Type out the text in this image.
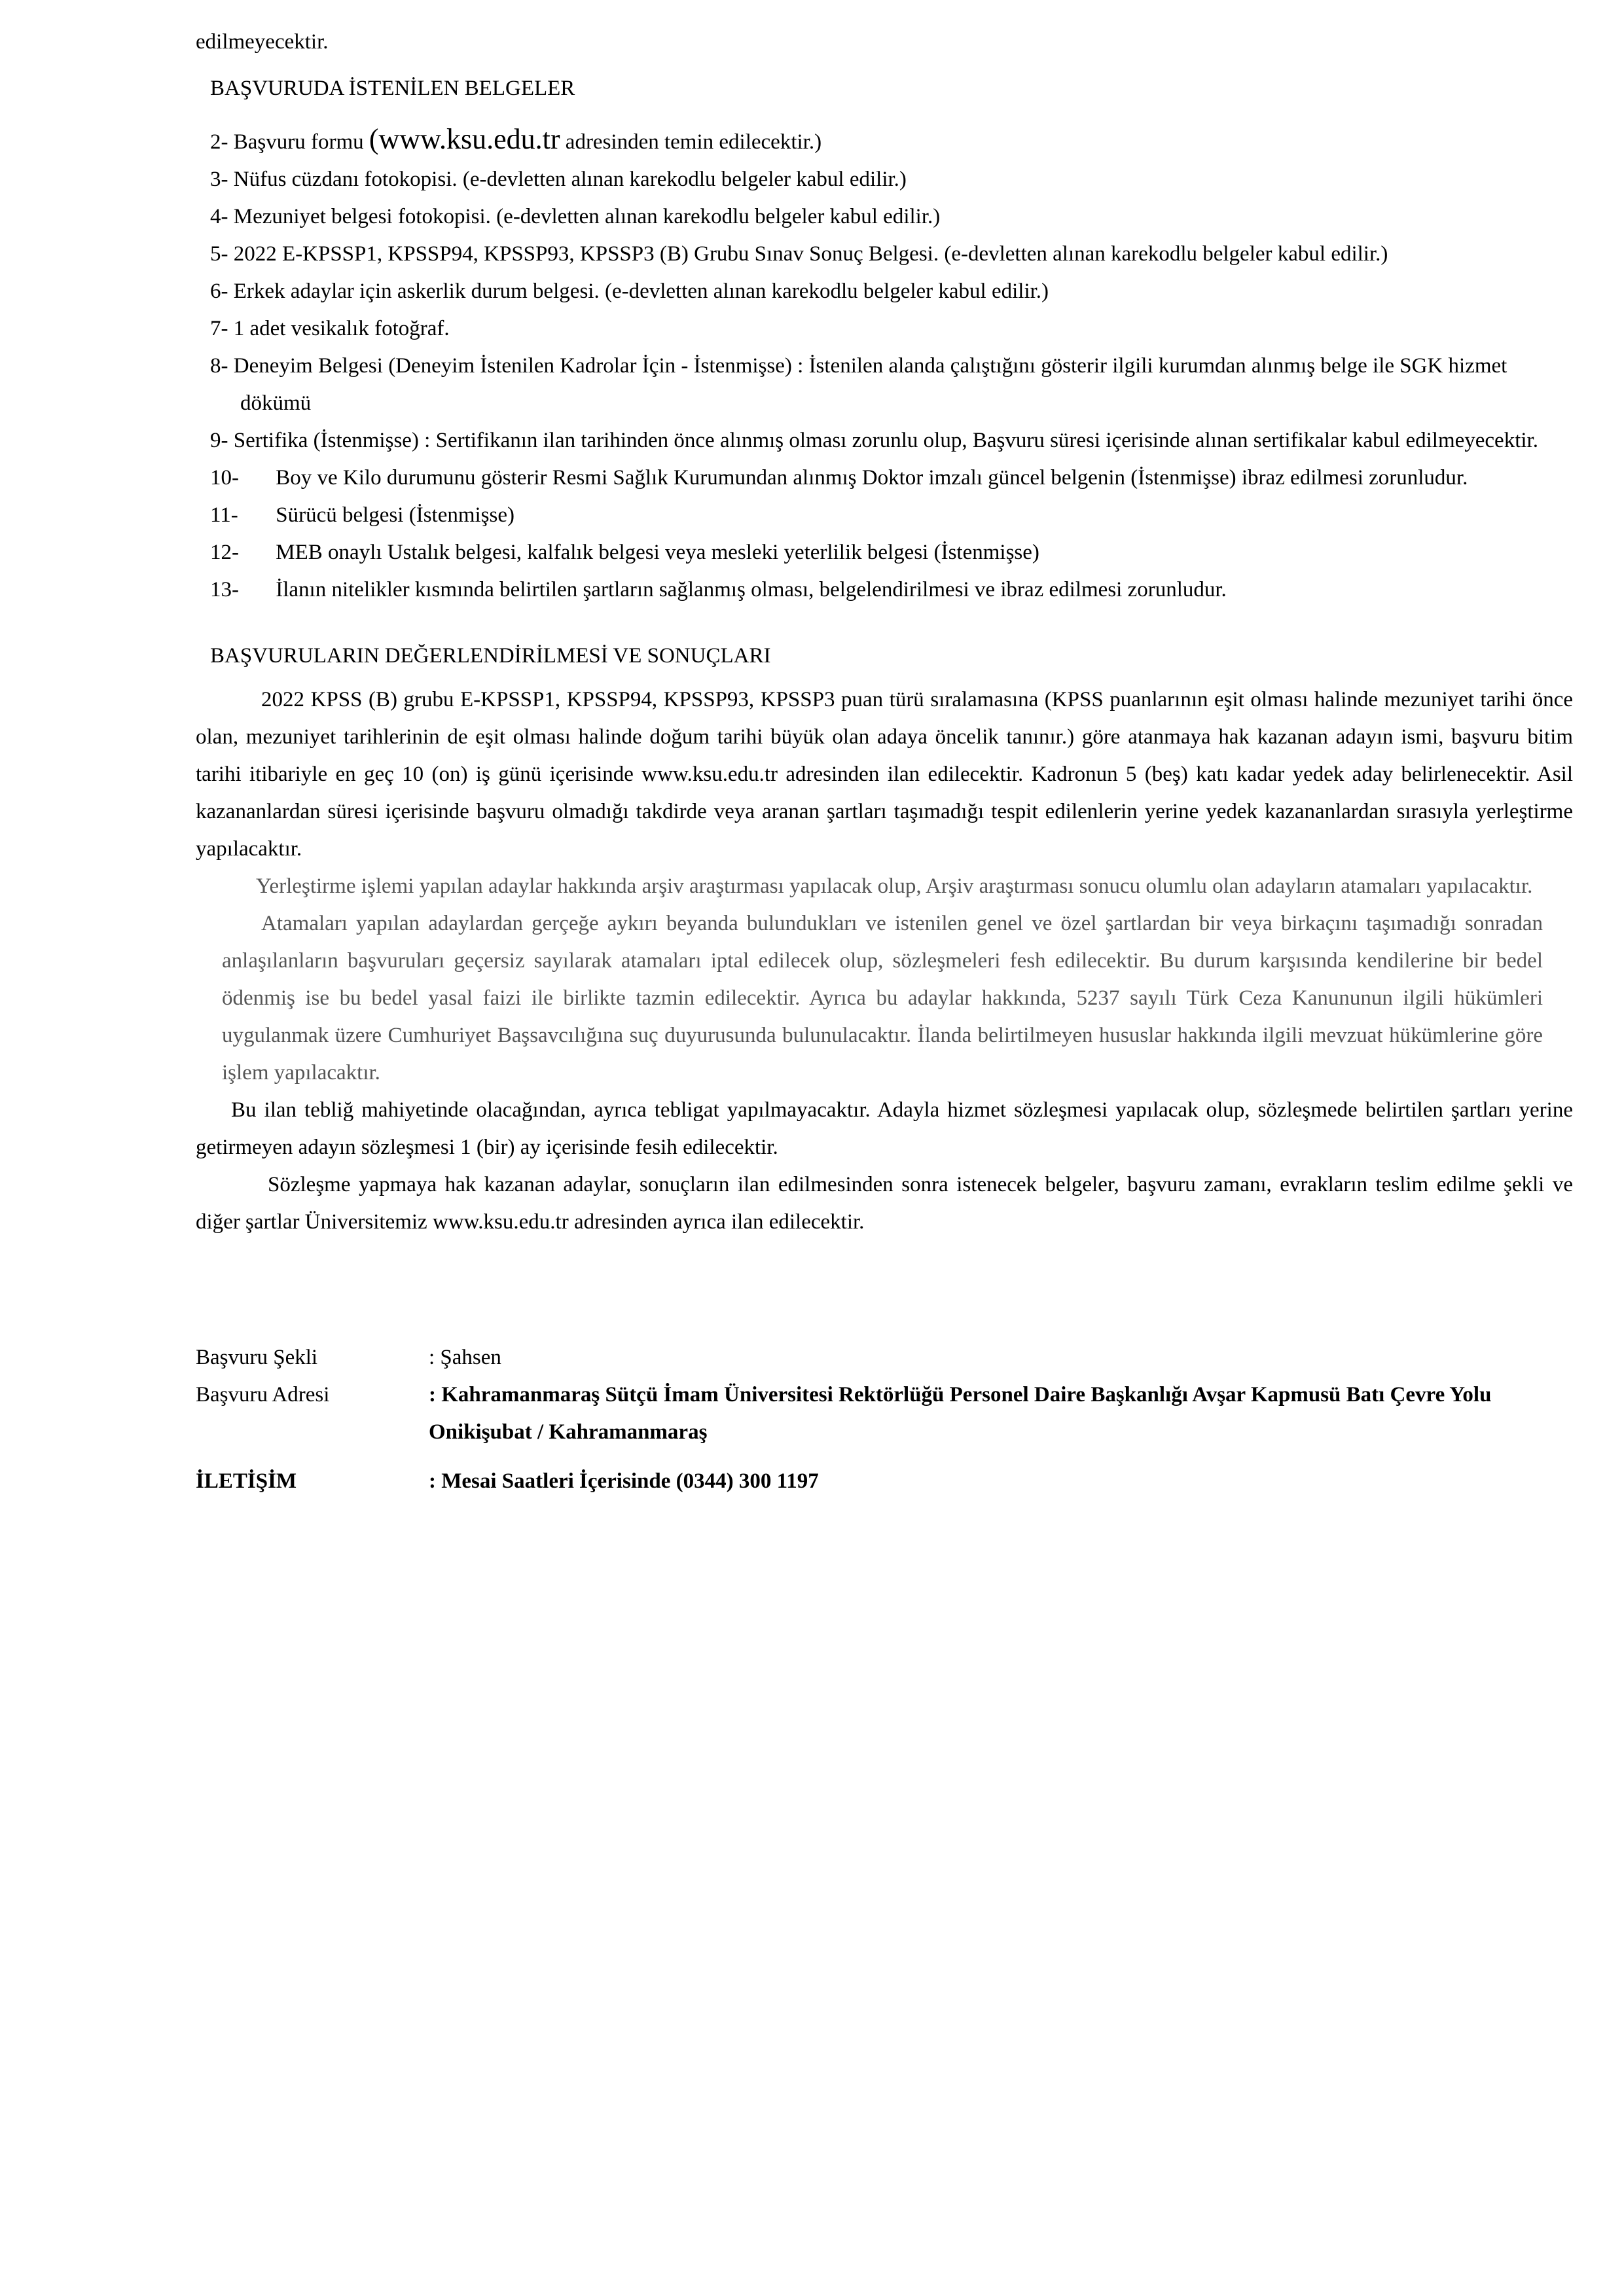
edilmeyecektir.

BAŞVURUDA İSTENİLEN BELGELER
2- Başvuru formu (www.ksu.edu.tr adresinden temin edilecektir.)
3- Nüfus cüzdanı fotokopisi. (e-devletten alınan karekodlu belgeler kabul edilir.)
4- Mezuniyet belgesi fotokopisi. (e-devletten alınan karekodlu belgeler kabul edilir.)
5- 2022 E-KPSSP1, KPSSP94, KPSSP93, KPSSP3 (B) Grubu Sınav Sonuç Belgesi. (e-devletten alınan karekodlu belgeler kabul edilir.)
6- Erkek adaylar için askerlik durum belgesi. (e-devletten alınan karekodlu belgeler kabul edilir.)
7- 1 adet vesikalık fotoğraf.
8- Deneyim Belgesi (Deneyim İstenilen Kadrolar İçin - İstenmişse) : İstenilen alanda çalıştığını gösterir ilgili kurumdan alınmış belge ile SGK hizmet dökümü
9- Sertifika (İstenmişse) : Sertifikanın ilan tarihinden önce alınmış olması zorunlu olup, Başvuru süresi içerisinde alınan sertifikalar kabul edilmeyecektir.
10- Boy ve Kilo durumunu gösterir Resmi Sağlık Kurumundan alınmış Doktor imzalı güncel belgenin (İstenmişse) ibraz edilmesi zorunludur.
11- Sürücü belgesi (İstenmişse)
12- MEB onaylı Ustalık belgesi, kalfalık belgesi veya mesleki yeterlilik belgesi (İstenmişse)
13- İlanın nitelikler kısmında belirtilen şartların sağlanmış olması, belgelendirilmesi ve ibraz edilmesi zorunludur.
BAŞVURULARIN DEĞERLENDİRİLMESİ VE SONUÇLARI

2022 KPSS (B) grubu E-KPSSP1, KPSSP94, KPSSP93, KPSSP3 puan türü sıralamasına (KPSS puanlarının eşit olması halinde mezuniyet tarihi önce olan, mezuniyet tarihlerinin de eşit olması halinde doğum tarihi büyük olan adaya öncelik tanınır.) göre atanmaya hak kazanan adayın ismi, başvuru bitim tarihi itibariyle en geç 10 (on) iş günü içerisinde www.ksu.edu.tr adresinden ilan edilecektir. Kadronun 5 (beş) katı kadar yedek aday belirlenecektir. Asil kazananlardan süresi içerisinde başvuru olmadığı takdirde veya aranan şartları taşımadığı tespit edilenlerin yerine yedek kazananlardan sırasıyla yerleştirme yapılacaktır.

Yerleştirme işlemi yapılan adaylar hakkında arşiv araştırması yapılacak olup, Arşiv araştırması sonucu olumlu olan adayların atamaları yapılacaktır.

Atamaları yapılan adaylardan gerçeğe aykırı beyanda bulundukları ve istenilen genel ve özel şartlardan bir veya birkaçını taşımadığı sonradan anlaşılanların başvuruları geçersiz sayılarak atamaları iptal edilecek olup, sözleşmeleri fesh edilecektir. Bu durum karşısında kendilerine bir bedel ödenmiş ise bu bedel yasal faizi ile birlikte tazmin edilecektir. Ayrıca bu adaylar hakkında, 5237 sayılı Türk Ceza Kanununun ilgili hükümleri uygulanmak üzere Cumhuriyet Başsavcılığına suç duyurusunda bulunulacaktır. İlanda belirtilmeyen hususlar hakkında ilgili mevzuat hükümlerine göre işlem yapılacaktır.

Bu ilan tebliğ mahiyetinde olacağından, ayrıca tebligat yapılmayacaktır. Adayla hizmet sözleşmesi yapılacak olup, sözleşmede belirtilen şartları yerine getirmeyen adayın sözleşmesi 1 (bir) ay içerisinde fesih edilecektir.

Sözleşme yapmaya hak kazanan adaylar, sonuçların ilan edilmesinden sonra istenecek belgeler, başvuru zamanı, evrakların teslim edilme şekli ve diğer şartlar Üniversitemiz www.ksu.edu.tr adresinden ayrıca ilan edilecektir.

Başvuru Şekli	: Şahsen
Başvuru Adresi	: Kahramanmaraş Sütçü İmam Üniversitesi Rektörlüğü Personel Daire Başkanlığı Avşar Kapmusü Batı Çevre Yolu Onikişubat / Kahramanmaraş
İLETİŞİM	: Mesai Saatleri İçerisinde (0344) 300 1197
